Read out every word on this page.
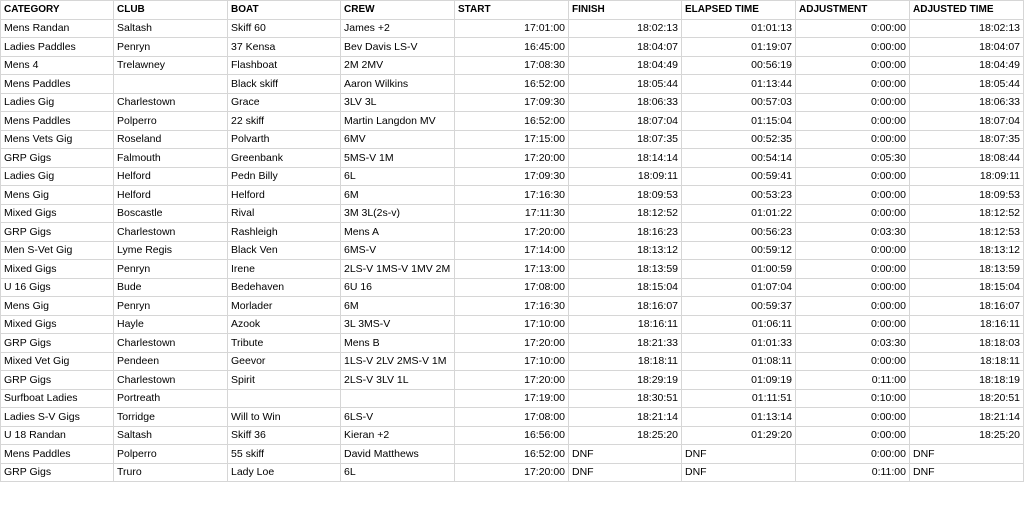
CATEGORY	CLUB	BOAT	CREW	START	FINISH	ELAPSED TIME	ADJUSTMENT	ADJUSTED TIME
Mens Randan	Saltash	Skiff 60	James +2	17:01:00	18:02:13	01:01:13	0:00:00	18:02:13
Ladies Paddles	Penryn	37 Kensa	Bev Davis LS-V	16:45:00	18:04:07	01:19:07	0:00:00	18:04:07
Mens 4	Trelawney	Flashboat	2M 2MV	17:08:30	18:04:49	00:56:19	0:00:00	18:04:49
Mens Paddles		Black skiff	Aaron Wilkins	16:52:00	18:05:44	01:13:44	0:00:00	18:05:44
Ladies Gig	Charlestown	Grace	3LV 3L	17:09:30	18:06:33	00:57:03	0:00:00	18:06:33
Mens Paddles	Polperro	22 skiff	Martin Langdon MV	16:52:00	18:07:04	01:15:04	0:00:00	18:07:04
Mens Vets Gig	Roseland	Polvarth	6MV	17:15:00	18:07:35	00:52:35	0:00:00	18:07:35
GRP Gigs	Falmouth	Greenbank	5MS-V 1M	17:20:00	18:14:14	00:54:14	0:05:30	18:08:44
Ladies Gig	Helford	Pedn Billy	6L	17:09:30	18:09:11	00:59:41	0:00:00	18:09:11
Mens Gig	Helford	Helford	6M	17:16:30	18:09:53	00:53:23	0:00:00	18:09:53
Mixed Gigs	Boscastle	Rival	3M 3L(2s-v)	17:11:30	18:12:52	01:01:22	0:00:00	18:12:52
GRP Gigs	Charlestown	Rashleigh	Mens A	17:20:00	18:16:23	00:56:23	0:03:30	18:12:53
Men S-Vet Gig	Lyme Regis	Black Ven	6MS-V	17:14:00	18:13:12	00:59:12	0:00:00	18:13:12
Mixed Gigs	Penryn	Irene	2LS-V 1MS-V 1MV 2M	17:13:00	18:13:59	01:00:59	0:00:00	18:13:59
U 16 Gigs	Bude	Bedehaven	6U 16	17:08:00	18:15:04	01:07:04	0:00:00	18:15:04
Mens Gig	Penryn	Morlader	6M	17:16:30	18:16:07	00:59:37	0:00:00	18:16:07
Mixed Gigs	Hayle	Azook	3L 3MS-V	17:10:00	18:16:11	01:06:11	0:00:00	18:16:11
GRP Gigs	Charlestown	Tribute	Mens B	17:20:00	18:21:33	01:01:33	0:03:30	18:18:03
Mixed Vet Gig	Pendeen	Geevor	1LS-V 2LV 2MS-V 1M	17:10:00	18:18:11	01:08:11	0:00:00	18:18:11
GRP Gigs	Charlestown	Spirit	2LS-V 3LV 1L	17:20:00	18:29:19	01:09:19	0:11:00	18:18:19
Surfboat Ladies	Portreath			17:19:00	18:30:51	01:11:51	0:10:00	18:20:51
Ladies S-V Gigs	Torridge	Will to Win	6LS-V	17:08:00	18:21:14	01:13:14	0:00:00	18:21:14
U 18 Randan	Saltash	Skiff 36	Kieran +2	16:56:00	18:25:20	01:29:20	0:00:00	18:25:20
Mens Paddles	Polperro	55 skiff	David Matthews	16:52:00	DNF	DNF	0:00:00	DNF
GRP Gigs	Truro	Lady Loe	6L	17:20:00	DNF	DNF	0:11:00	DNF
